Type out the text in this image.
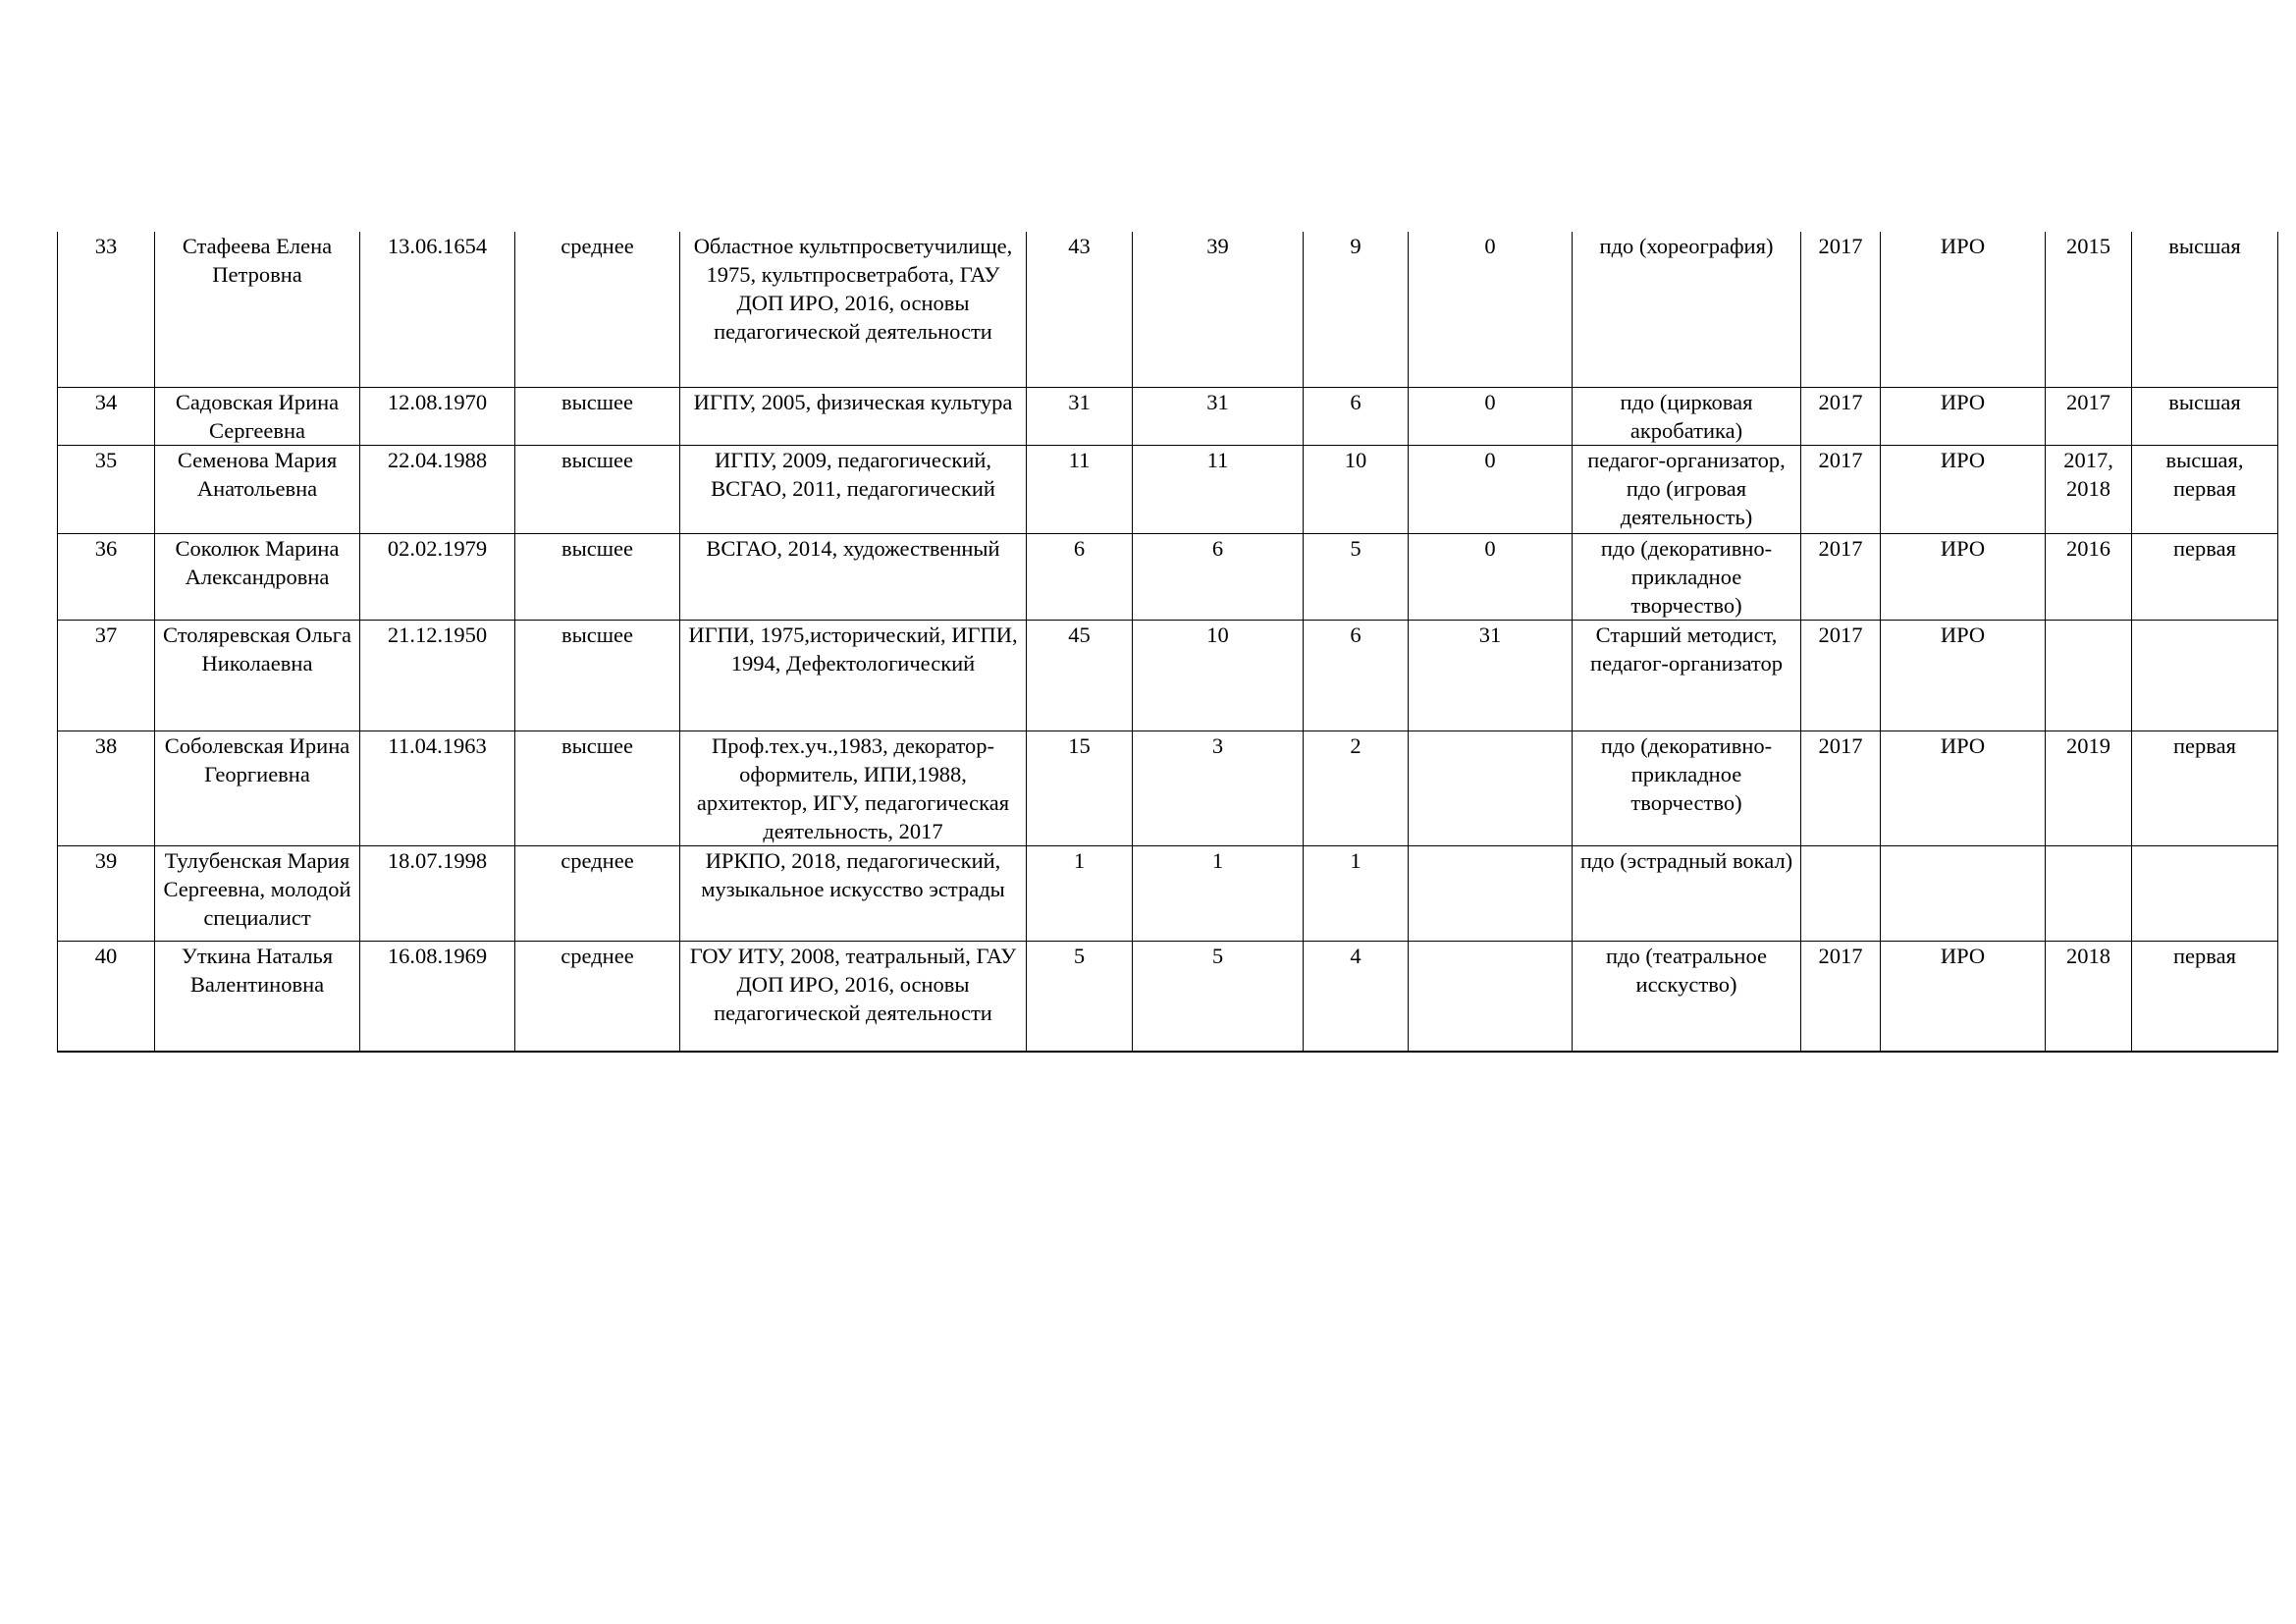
33	Стафеева Елена Петровна	13.06.1654	среднее	Областное культпросветучилище, 1975, культпросветработа, ГАУ ДОП ИРО, 2016, основы педагогической деятельности	43	39	9	0	пдо (хореография)	2017	ИРО	2015	высшая
34	Садовская Ирина Сергеевна	12.08.1970	высшее	ИГПУ, 2005, физическая культура	31	31	6	0	пдо (цирковая акробатика)	2017	ИРО	2017	высшая
35	Семенова Мария Анатольевна	22.04.1988	высшее	ИГПУ, 2009, педагогический, ВСГАО, 2011, педагогический	11	11	10	0	педагог-организатор, пдо (игровая деятельность)	2017	ИРО	2017, 2018	высшая, первая
36	Соколюк Марина Александровна	02.02.1979	высшее	ВСГАО, 2014, художественный	6	6	5	0	пдо (декоративно-прикладное творчество)	2017	ИРО	2016	первая
37	Столяревская Ольга Николаевна	21.12.1950	высшее	ИГПИ, 1975,исторический, ИГПИ, 1994, Дефектологический	45	10	6	31	Старший методист, педагог-организатор	2017	ИРО		
38	Соболевская Ирина Георгиевна	11.04.1963	высшее	Проф.тех.уч.,1983, декоратор-оформитель, ИПИ,1988, архитектор, ИГУ, педагогическая деятельность, 2017	15	3	2		пдо (декоративно-прикладное творчество)	2017	ИРО	2019	первая
39	Тулубенская Мария Сергеевна, молодой специалист	18.07.1998	среднее	ИРКПО, 2018, педагогический, музыкальное искусство эстрады	1	1	1		пдо (эстрадный вокал)				
40	Уткина Наталья Валентиновна	16.08.1969	среднее	ГОУ ИТУ, 2008, театральный, ГАУ ДОП ИРО, 2016, основы педагогической деятельности	5	5	4		пдо (театральное исскуство)	2017	ИРО	2018	первая
